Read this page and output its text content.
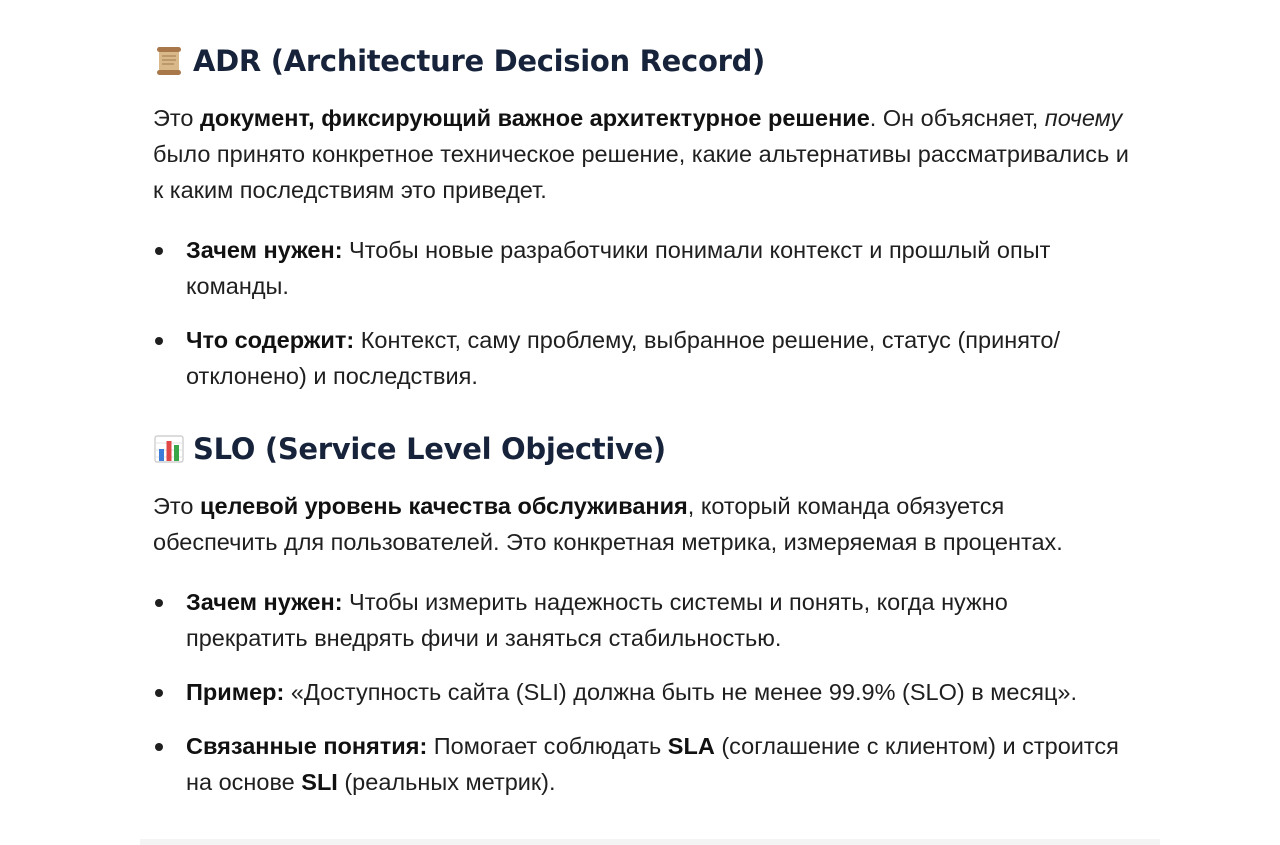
ADR (Architecture Decision Record)

Это документ, фиксирующий важное архитектурное решение. Он объясняет, почему было принято конкретное техническое решение, какие альтернативы рассматривались и к каким последствиям это приведет.

Зачем нужен: Чтобы новые разработчики понимали контекст и прошлый опыт команды.
Что содержит: Контекст, саму проблему, выбранное решение, статус (принято/отклонено) и последствия.
SLO (Service Level Objective)

Это целевой уровень качества обслуживания, который команда обязуется обеспечить для пользователей. Это конкретная метрика, измеряемая в процентах.

Зачем нужен: Чтобы измерить надежность системы и понять, когда нужно прекратить внедрять фичи и заняться стабильностью.
Пример: «Доступность сайта (SLI) должна быть не менее 99.9% (SLO) в месяц».
Связанные понятия: Помогает соблюдать SLA (соглашение с клиентом) и строится на основе SLI (реальных метрик).
